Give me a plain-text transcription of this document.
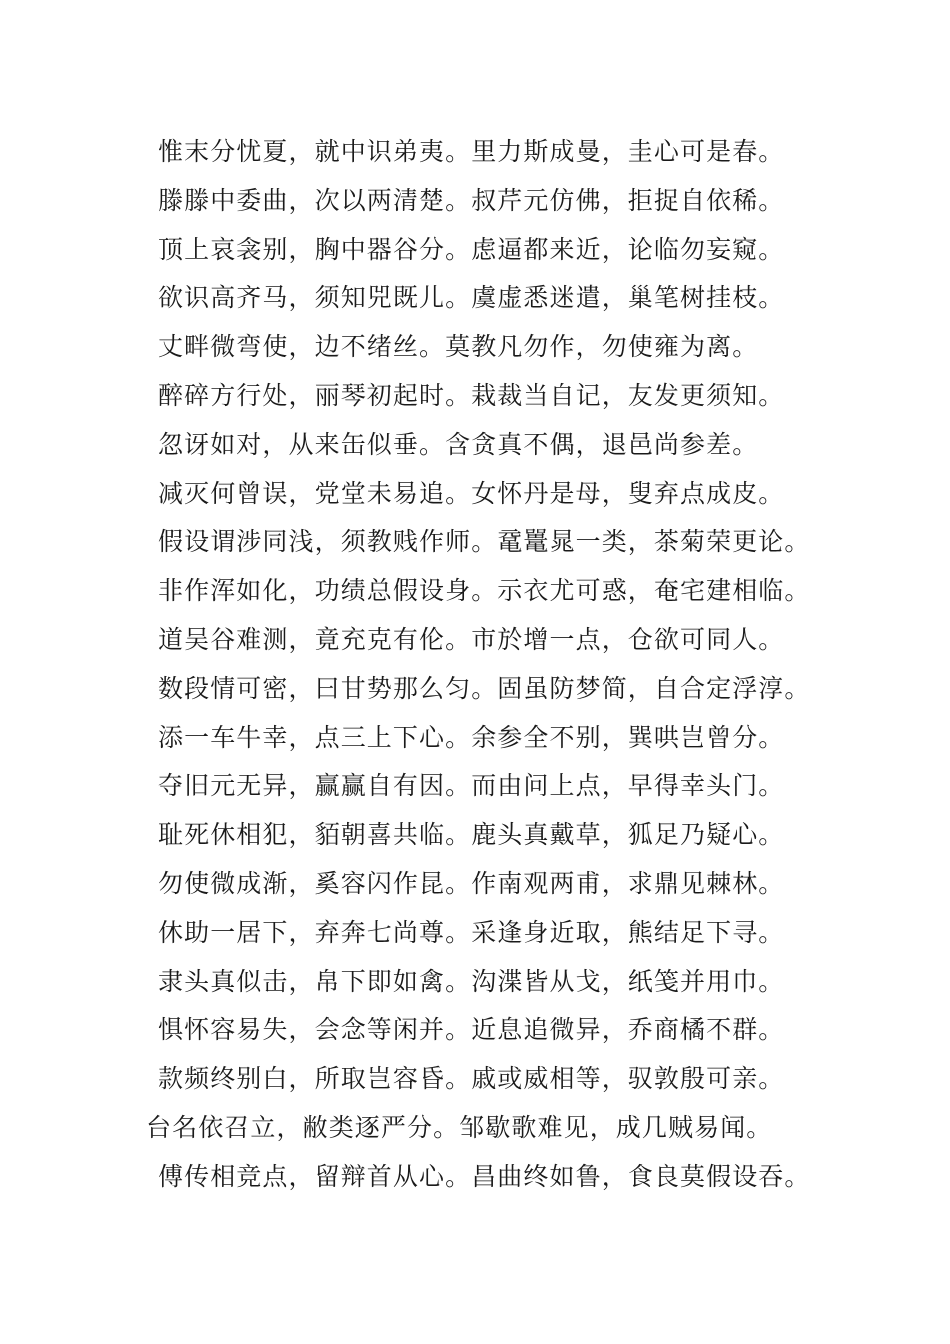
惟末分忧夏，就中识弟夷。里力斯成曼，圭心可是春。
滕滕中委曲，次以两清楚。叔芹元仿佛，拒捉自依稀。
顶上哀衾别，胸中器谷分。虑逼都来近，论临勿妄窥。
欲识高齐马，须知兕既儿。虞虚悉迷遣，巢笔树挂枝。
丈畔微弯使，边不绪丝。莫教凡勿作，勿使雍为离。
醉碎方行处，丽琴初起时。栽裁当自记，友发更须知。
忽讶如对，从来缶似垂。含贪真不偶，退邑尚参差。
减灭何曾误，党堂未易追。女怀丹是母，叟弃点成皮。
假设谓涉同浅，须教贱作师。鼋鼍晁一类，茶菊荣更论。
非作浑如化，功绩总假设身。示衣尤可惑，奄宅建相临。
道吴谷难测，竟充克有伦。市於增一点，仓欲可同人。
数段情可密，曰甘势那么匀。固虽防梦简，自合定浮淳。
添一车牛幸，点三上下心。余参全不别，巽哄岂曾分。
夺旧元无异，赢赢自有因。而由问上点，早得幸头门。
耻死休相犯，貊朝喜共临。鹿头真戴草，狐足乃疑心。
勿使微成渐，奚容闪作昆。作南观两甫，求鼎见棘林。
休助一居下，弃奔七尚尊。采逢身近取，熊结足下寻。
隶头真似击，帛下即如禽。沟渫皆从戈，纸笺并用巾。
惧怀容易失，会念等闲并。近息追微异，乔商橘不群。
款频终别白，所取岂容昏。戚或威相等，驭敦殷可亲。
台名依召立，敝类逐严分。邹歇歌难见，成几贼易闻。
傅传相竞点，留辩首从心。昌曲终如鲁，食良莫假设吞。
